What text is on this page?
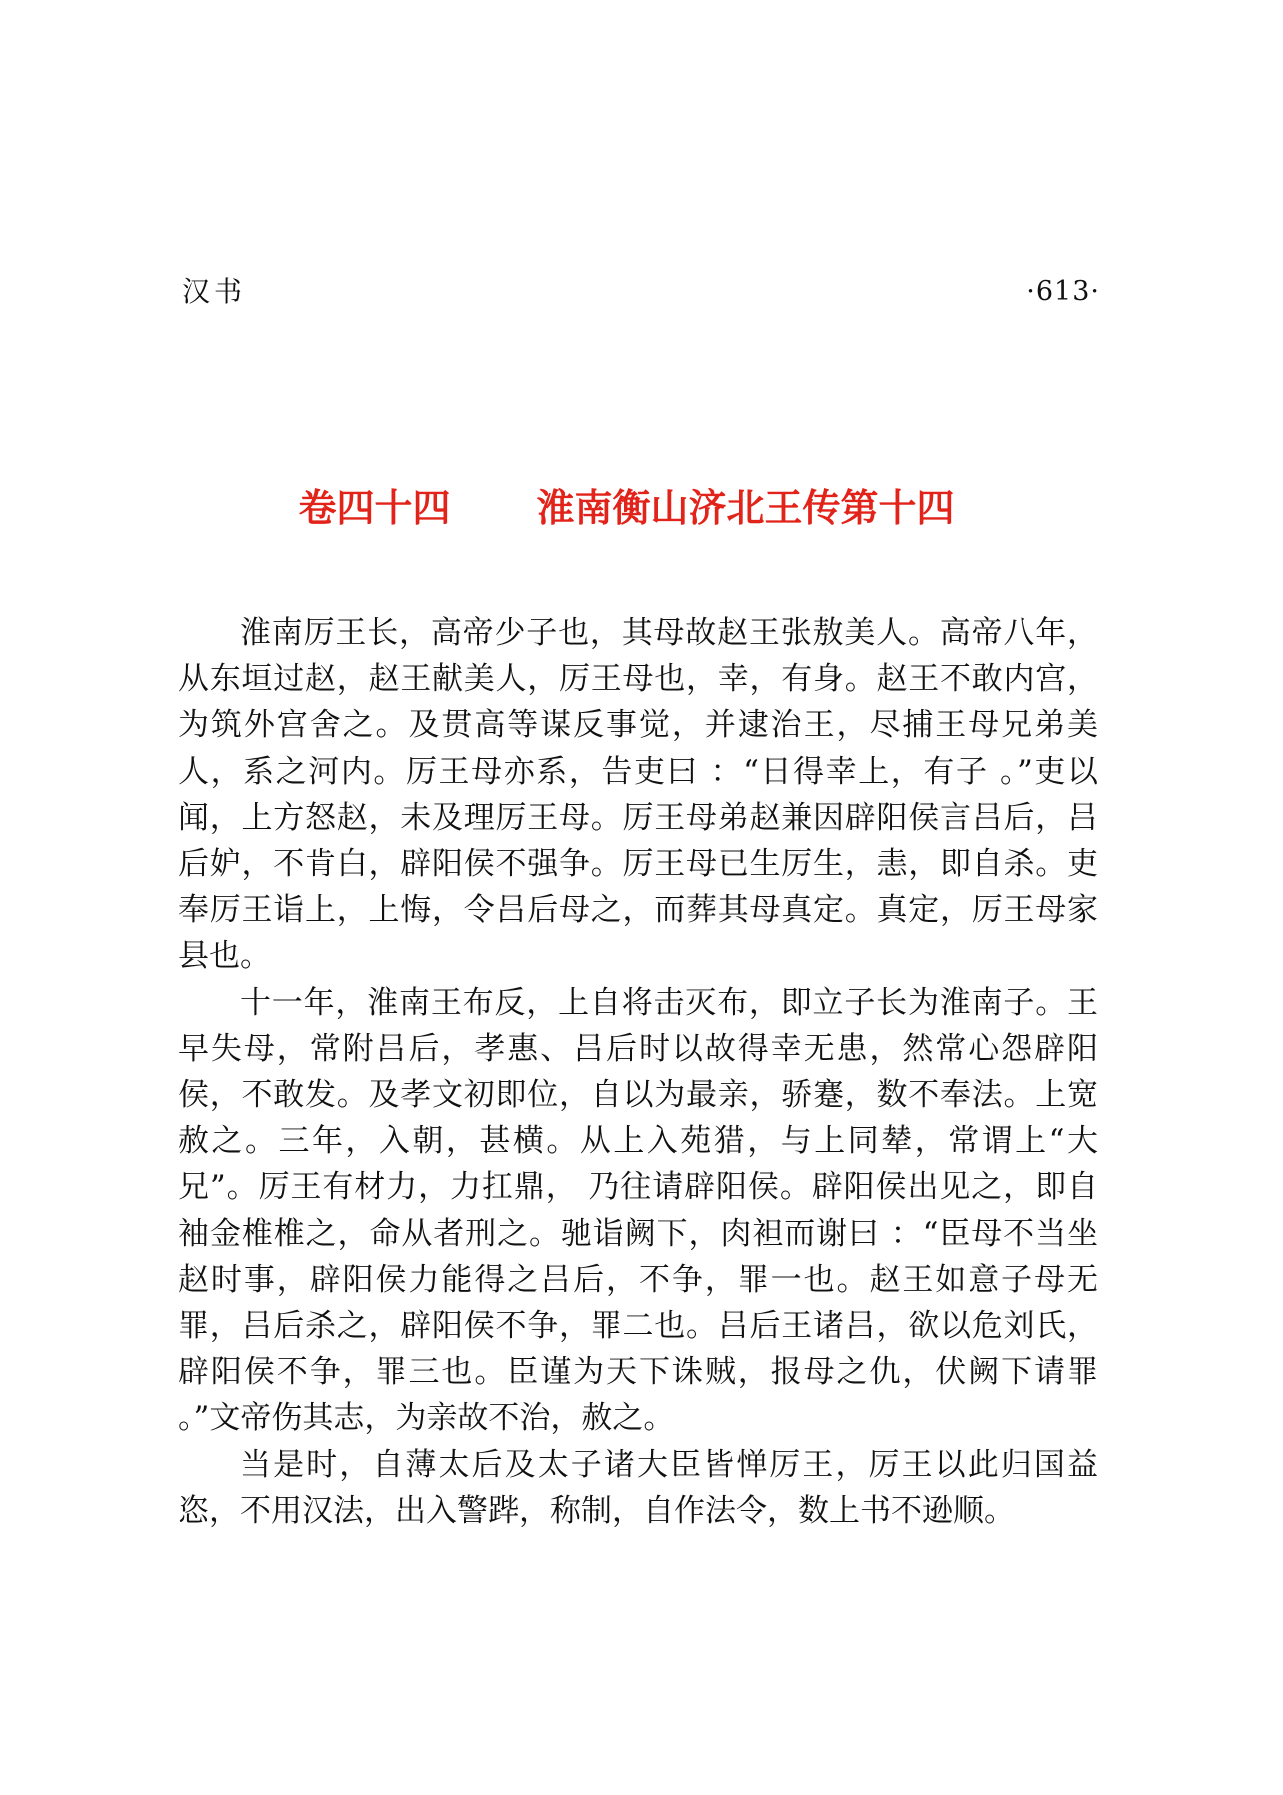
汉书	·613·
卷四十四 淮南衡山济北王传第十四

淮南厉王长，高帝少子也，其母故赵王张敖美人。高帝八年，从东垣过赵，赵王献美人，厉王母也，幸，有身。赵王不敢内宫，为筑外宫舍之。及贯高等谋反事觉，并逮治王，尽捕王母兄弟美人，系之河内。厉王母亦系，告吏曰 ：“日得幸上，有子 。”吏以闻，上方怒赵，未及理厉王母。厉王母弟赵兼因辟阳侯言吕后，吕后妒，不肯白，辟阳侯不强争。厉王母已生厉生，恚，即自杀。吏奉厉王诣上，上悔，令吕后母之，而葬其母真定。真定，厉王母家县也。

十一年，淮南王布反，上自将击灭布，即立子长为淮南子。王早失母，常附吕后，孝惠、吕后时以故得幸无患，然常心怨辟阳侯，不敢发。及孝文初即位，自以为最亲，骄蹇，数不奉法。上宽赦之。三年，入朝，甚横。从上入苑猎，与上同辇，常谓上“大兄”。厉王有材力，力扛鼎， 乃往请辟阳侯。辟阳侯出见之，即自袖金椎椎之，命从者刑之。驰诣阙下，肉袒而谢曰 ：“臣母不当坐赵时事，辟阳侯力能得之吕后，不争，罪一也。赵王如意子母无罪，吕后杀之，辟阳侯不争，罪二也。吕后王诸吕，欲以危刘氏，辟阳侯不争，罪三也。臣谨为天下诛贼，报母之仇，伏阙下请罪 。”文帝伤其志，为亲故不治，赦之。

当是时，自薄太后及太子诸大臣皆惮厉王，厉王以此归国益恣，不用汉法，出入警跸，称制，自作法令，数上书不逊顺。
